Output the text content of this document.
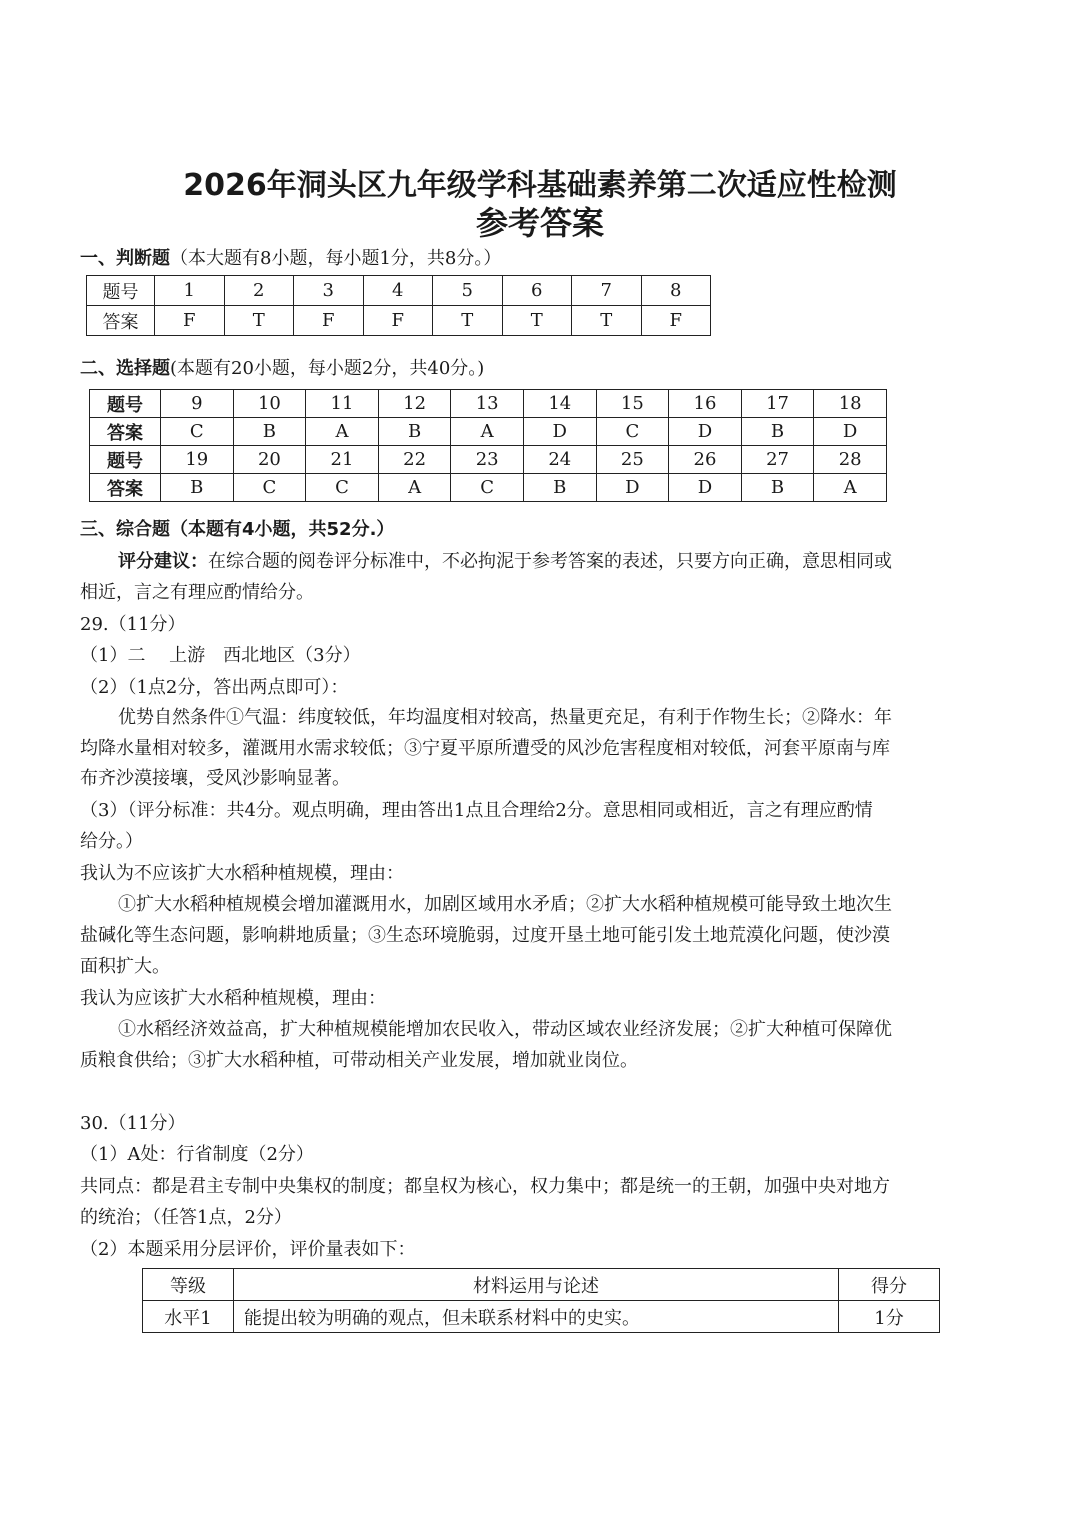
2026年洞头区九年级学科基础素养第二次适应性检测
参考答案
一、判断题（本大题有8小题，每小题1分，共8分。）
题号	1	2	3	4	5	6	7	8
答案	F	T	F	F	T	T	T	F
二、选择题(本题有20小题，每小题2分，共40分。)
题号	9	10	11	12	13	14	15	16	17	18
答案	C	B	A	B	A	D	C	D	B	D
题号	19	20	21	22	23	24	25	26	27	28
答案	B	C	C	A	C	B	D	D	B	A
三、综合题（本题有4小题，共52分.）
评分建议：在综合题的阅卷评分标准中，不必拘泥于参考答案的表述，只要方向正确，意思相同或
相近，言之有理应酌情给分。
29.（11分）
（1）二　 上游　西北地区（3分）
（2）（1点2分，答出两点即可）：
优势自然条件①气温：纬度较低，年均温度相对较高，热量更充足，有利于作物生长；②降水：年
均降水量相对较多，灌溉用水需求较低；③宁夏平原所遭受的风沙危害程度相对较低，河套平原南与库
布齐沙漠接壤，受风沙影响显著。
（3）（评分标准：共4分。观点明确，理由答出1点且合理给2分。意思相同或相近，言之有理应酌情
给分。）
我认为不应该扩大水稻种植规模，理由：
①扩大水稻种植规模会增加灌溉用水，加剧区域用水矛盾；②扩大水稻种植规模可能导致土地次生
盐碱化等生态问题，影响耕地质量；③生态环境脆弱，过度开垦土地可能引发土地荒漠化问题，使沙漠
面积扩大。
我认为应该扩大水稻种植规模，理由：
①水稻经济效益高，扩大种植规模能增加农民收入，带动区域农业经济发展；②扩大种植可保障优
质粮食供给；③扩大水稻种植，可带动相关产业发展，增加就业岗位。
30.（11分）
（1）A处：行省制度（2分）
共同点：都是君主专制中央集权的制度；都皇权为核心，权力集中；都是统一的王朝，加强中央对地方
的统治；（任答1点，2分）
（2）本题采用分层评价，评价量表如下：
等级	材料运用与论述	得分
水平1	能提出较为明确的观点，但未联系材料中的史实。	1分
